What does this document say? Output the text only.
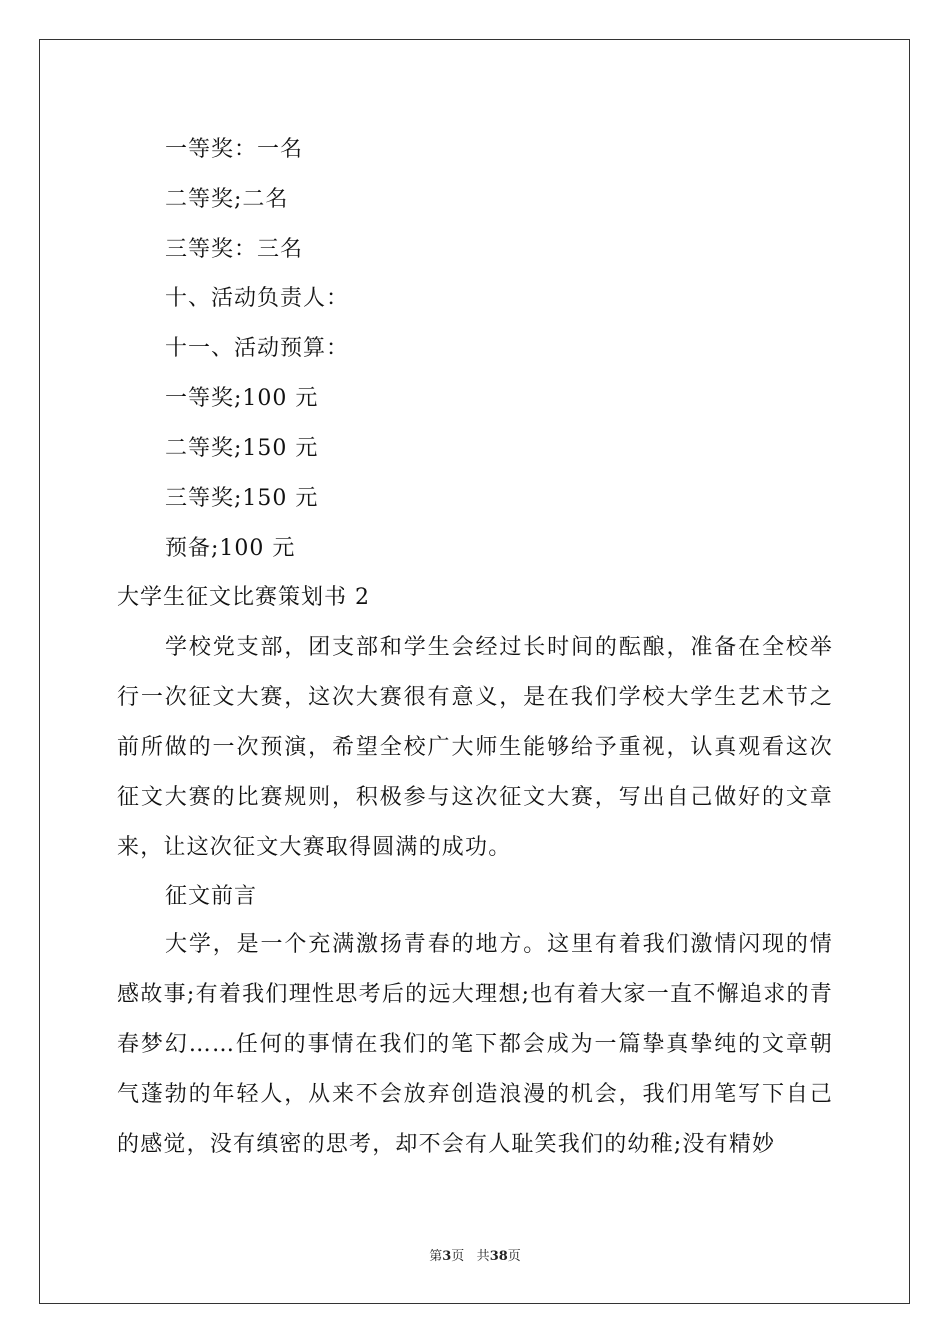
一等奖：一名
二等奖;二名
三等奖：三名
十、活动负责人：
十一、活动预算：
一等奖;100 元
二等奖;150 元
三等奖;150 元
预备;100 元
大学生征文比赛策划书 2

学校党支部，团支部和学生会经过长时间的酝酿，准备在全校举行一次征文大赛，这次大赛很有意义，是在我们学校大学生艺术节之前所做的一次预演，希望全校广大师生能够给予重视，认真观看这次征文大赛的比赛规则，积极参与这次征文大赛，写出自己做好的文章来，让这次征文大赛取得圆满的成功。

征文前言

大学，是一个充满激扬青春的地方。这里有着我们激情闪现的情感故事;有着我们理性思考后的远大理想;也有着大家一直不懈追求的青春梦幻……任何的事情在我们的笔下都会成为一篇挚真挚纯的文章朝气蓬勃的年轻人，从来不会放弃创造浪漫的机会，我们用笔写下自己的感觉，没有缜密的思考，却不会有人耻笑我们的幼稚;没有精妙

第3页 共38页
